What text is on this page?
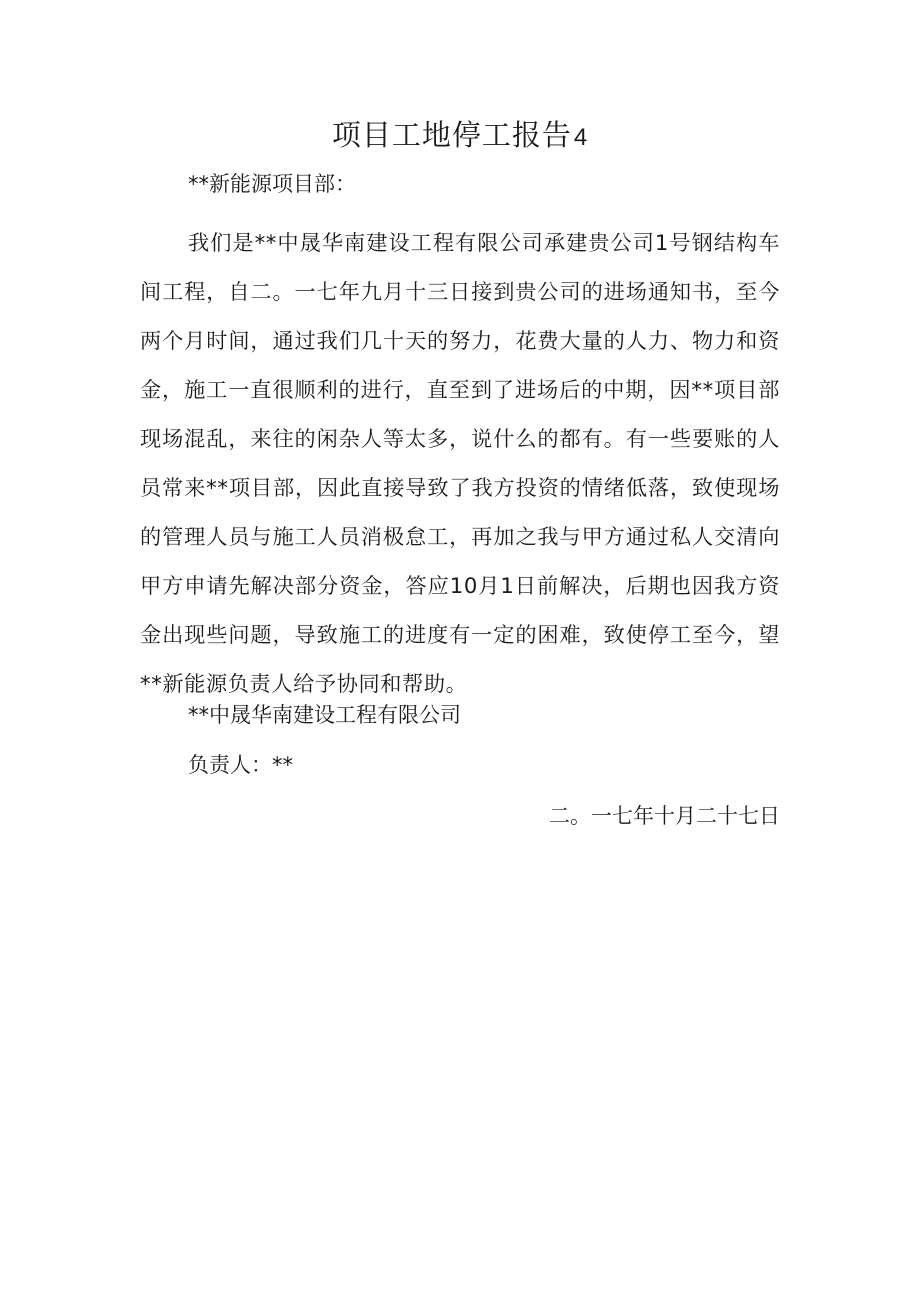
项目工地停工报告4
**新能源项目部：

我们是**中晟华南建设工程有限公司承建贵公司1号钢结构车间工程，自二。一七年九月十三日接到贵公司的进场通知书，至今两个月时间，通过我们几十天的努力，花费大量的人力、物力和资金，施工一直很顺利的进行，直至到了进场后的中期，因**项目部现场混乱，来往的闲杂人等太多，说什么的都有。有一些要账的人员常来**项目部，因此直接导致了我方投资的情绪低落，致使现场的管理人员与施工人员消极怠工，再加之我与甲方通过私人交清向甲方申请先解决部分资金，答应10月1日前解决，后期也因我方资金出现些问题，导致施工的进度有一定的困难，致使停工至今，望**新能源负责人给予协同和帮助。

**中晟华南建设工程有限公司
负责人：**
二。一七年十月二十七日
